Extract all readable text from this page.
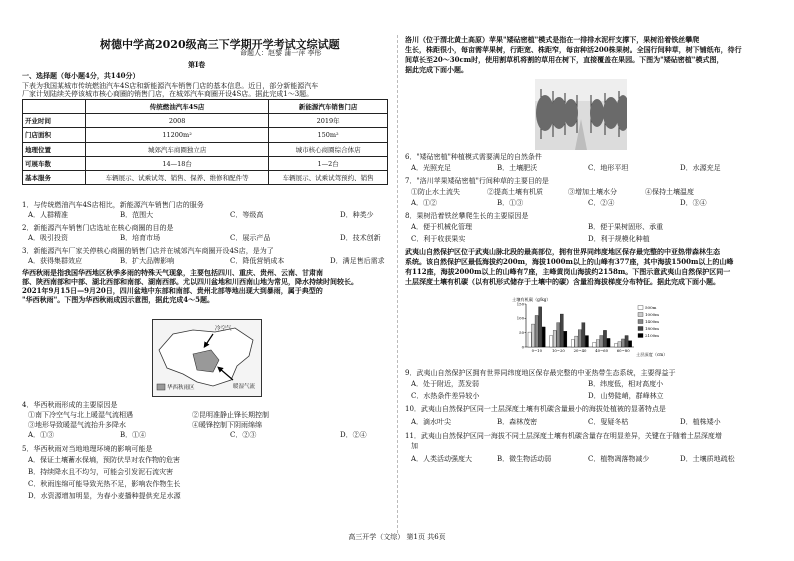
树德中学高2020级高三下学期开学考试文综试题
命题人：赵黎 蒲一萍 李彤
第Ⅰ卷
一、选择题（每小题4分，共140分）
下表为我国某城市传统燃油汽车4S店和新能源汽车销售门店的基本信息。近日，部分新能源汽车
厂家计划陆续关停该城市核心商圈的销售门店，在城郊汽车商圈开设4S店。据此完成1～3题。
	传统燃油汽车4S店	新能源汽车销售门店
开业时间	2008	2019年
门店面积	11200m²	150m²
地理位置	城郊汽车商圈独立店	城市核心商圈综合体店
可展车数	14—18台	1—2台
基本服务	车辆展示、试乘试驾、销售、保养、维修和配件等	车辆展示、试乘试驾预约、销售
1．与传统燃油汽车4S店相比，新能源汽车销售门店的服务
A．人群精准	B．范围大	C．等级高	D．种类少
2．新能源汽车销售门店选址在核心商圈的目的是
A．吸引投资	B．培育市场	C．展示产品	D．技术创新
3．新能源汽车厂家关停核心商圈的销售门店并在城郊汽车商圈开设4S店，是为了
A．获得集群效应	B．扩大品牌影响	C．降低营销成本	D．满足售后需求
华西秋雨是指我国华西地区秋季多雨的特殊天气现象，主要包括四川、重庆、贵州、云南、甘肃南
部、陕西南部和中部、湖北西部和南部、湖南西部。尤以四川盆地和川西南山地为常见，降水持续时间较长。
2021年9月15日—9月20日，四川盆地中东部和南部、贵州北部等地出现大到暴雨，属于典型的
"华西秋雨"。下图为华西秋雨成因示意图，据此完成4～5题。
华西秋雨区
冷空气
暖湿气流
4．华西秋雨形成的主要原因是
①南下冷空气与北上暖湿气流相遇	②昆明准静止锋长期控制
③地形导致暖湿气流抬升多降水	④暖锋控制下阴雨绵绵
A．①③	B．①④	C．②③	D．②④
5．华西秋雨对当地地理环境的影响可能是
A．保证土壤蓄水保墒，预防伏旱对农作物的危害
B．持续降水且不均匀，可能会引发泥石流灾害
C．秋雨连绵可能导致光热不足，影响农作物生长
D．水资源增加明显，为春小麦播种提供充足水源
洛川（位于渭北黄土高原）苹果"矮砧密植"模式是指在一排排水泥杆支撑下，果树沿着铁丝攀爬
生长，株距很小，每亩需苹果树，行距宽、株距窄，每亩种活200株果树。全国行间种草，树下铺纸布，待行
间草长至20～30cm时，使用割草机将割的草用在树下，直接覆盖在果园。下图为"矮砧密植"模式图，
据此完成下面小题。
6．"矮砧密植"种植模式需要满足的自然条件
A．光照充足	B．土壤肥沃	C．地形平坦	D．水源充足
7．"洛川苹果矮砧密植"行间种草的主要目的是
①防止水土流失	②提高土壤有机质	③增加土壤水分	④保持土壤温度
A．①②	B．①③	C．②④	D．③④
8．果树沿着铁丝攀爬生长的主要原因是
A．便于机械化管理	B．便于果树固形、承重
C．利于收获果实	D．利于规模化种植
武夷山自然保护区位于武夷山脉北段的最高部位，拥有世界同纬度地区保存最完整的中亚热带森林生态
系统。该自然保护区最低海拔约200m，海拔1000m以上的山峰有377座，其中海拔1500m以上的山峰
有112座，海拔2000m以上的山峰有7座，主峰黄岗山海拔约2158m。下图示意武夷山自然保护区同一
土层深度土壤有机碳（以有机形式储存于土壤中的碳）含量沿海拔梯度分布特征。据此完成下面小题。
土壤有机碳（g/kg）
土层深度（cm）
0
50
100
150
0~10	10~20 20~40 40~60 60~80
500m
1000m
1400m
1800m
2100m
9．武夷山自然保护区拥有世界同纬度地区保存最完整的中亚热带生态系统，主要得益于
A．处于附近，蒸发弱	B．纬度低，相对高度小
C．水热条件差异较小	D．山势陡峭，群峰林立
10．武夷山自然保护区同一土层深度土壤有机碳含量最小的海拔处植被的显著特点是
A．滴水叶尖	B．森林茂密	C．叟疑冬枯	D．植株矮小
11．武夷山自然保护区同一海拔不同土层深度土壤有机碳含量存在明显差异，关键在于随着土层深度增
加
A．人类活动强度大	B．微生物活动弱	C．植物凋落物减少	D．土壤质地疏松
高三开学（文综） 第1页 共6页
